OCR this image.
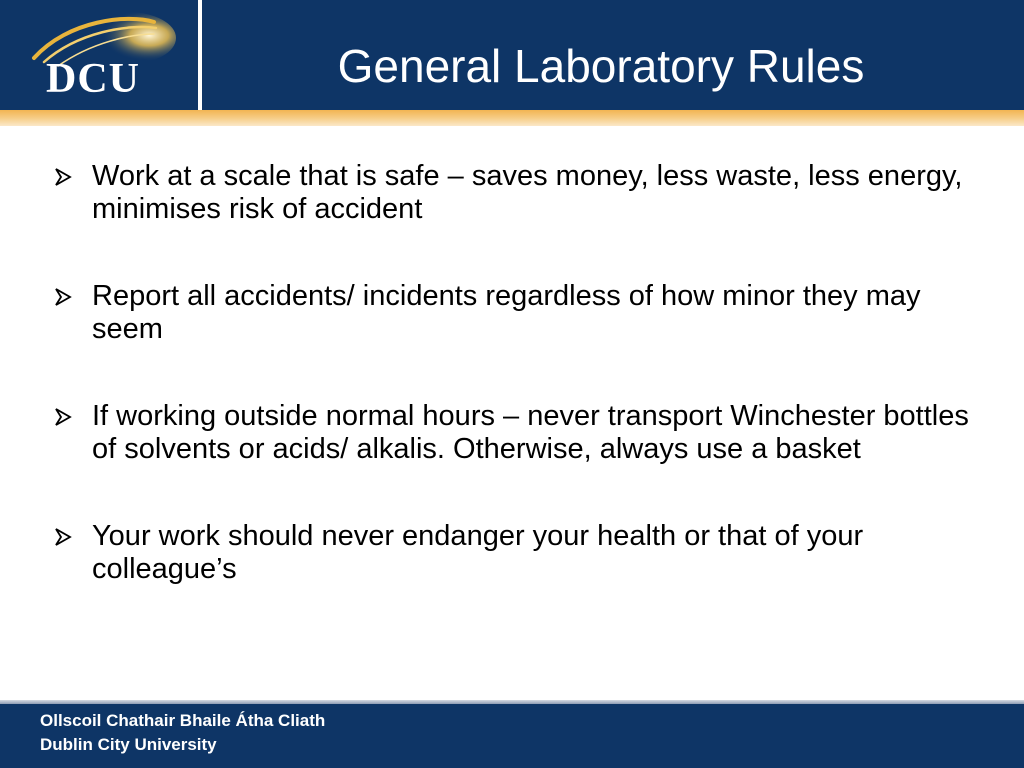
DCU	General Laboratory Rules
Work at a scale that is safe – saves money, less waste, less energy, minimises risk of accident
Report all accidents/ incidents regardless of how minor they may seem
If working outside normal hours – never transport Winchester bottles of solvents or acids/ alkalis. Otherwise, always use a basket
Your work should never endanger your health or that of your colleague’s
Ollscoil Chathair Bhaile Átha Cliath
Dublin City University
